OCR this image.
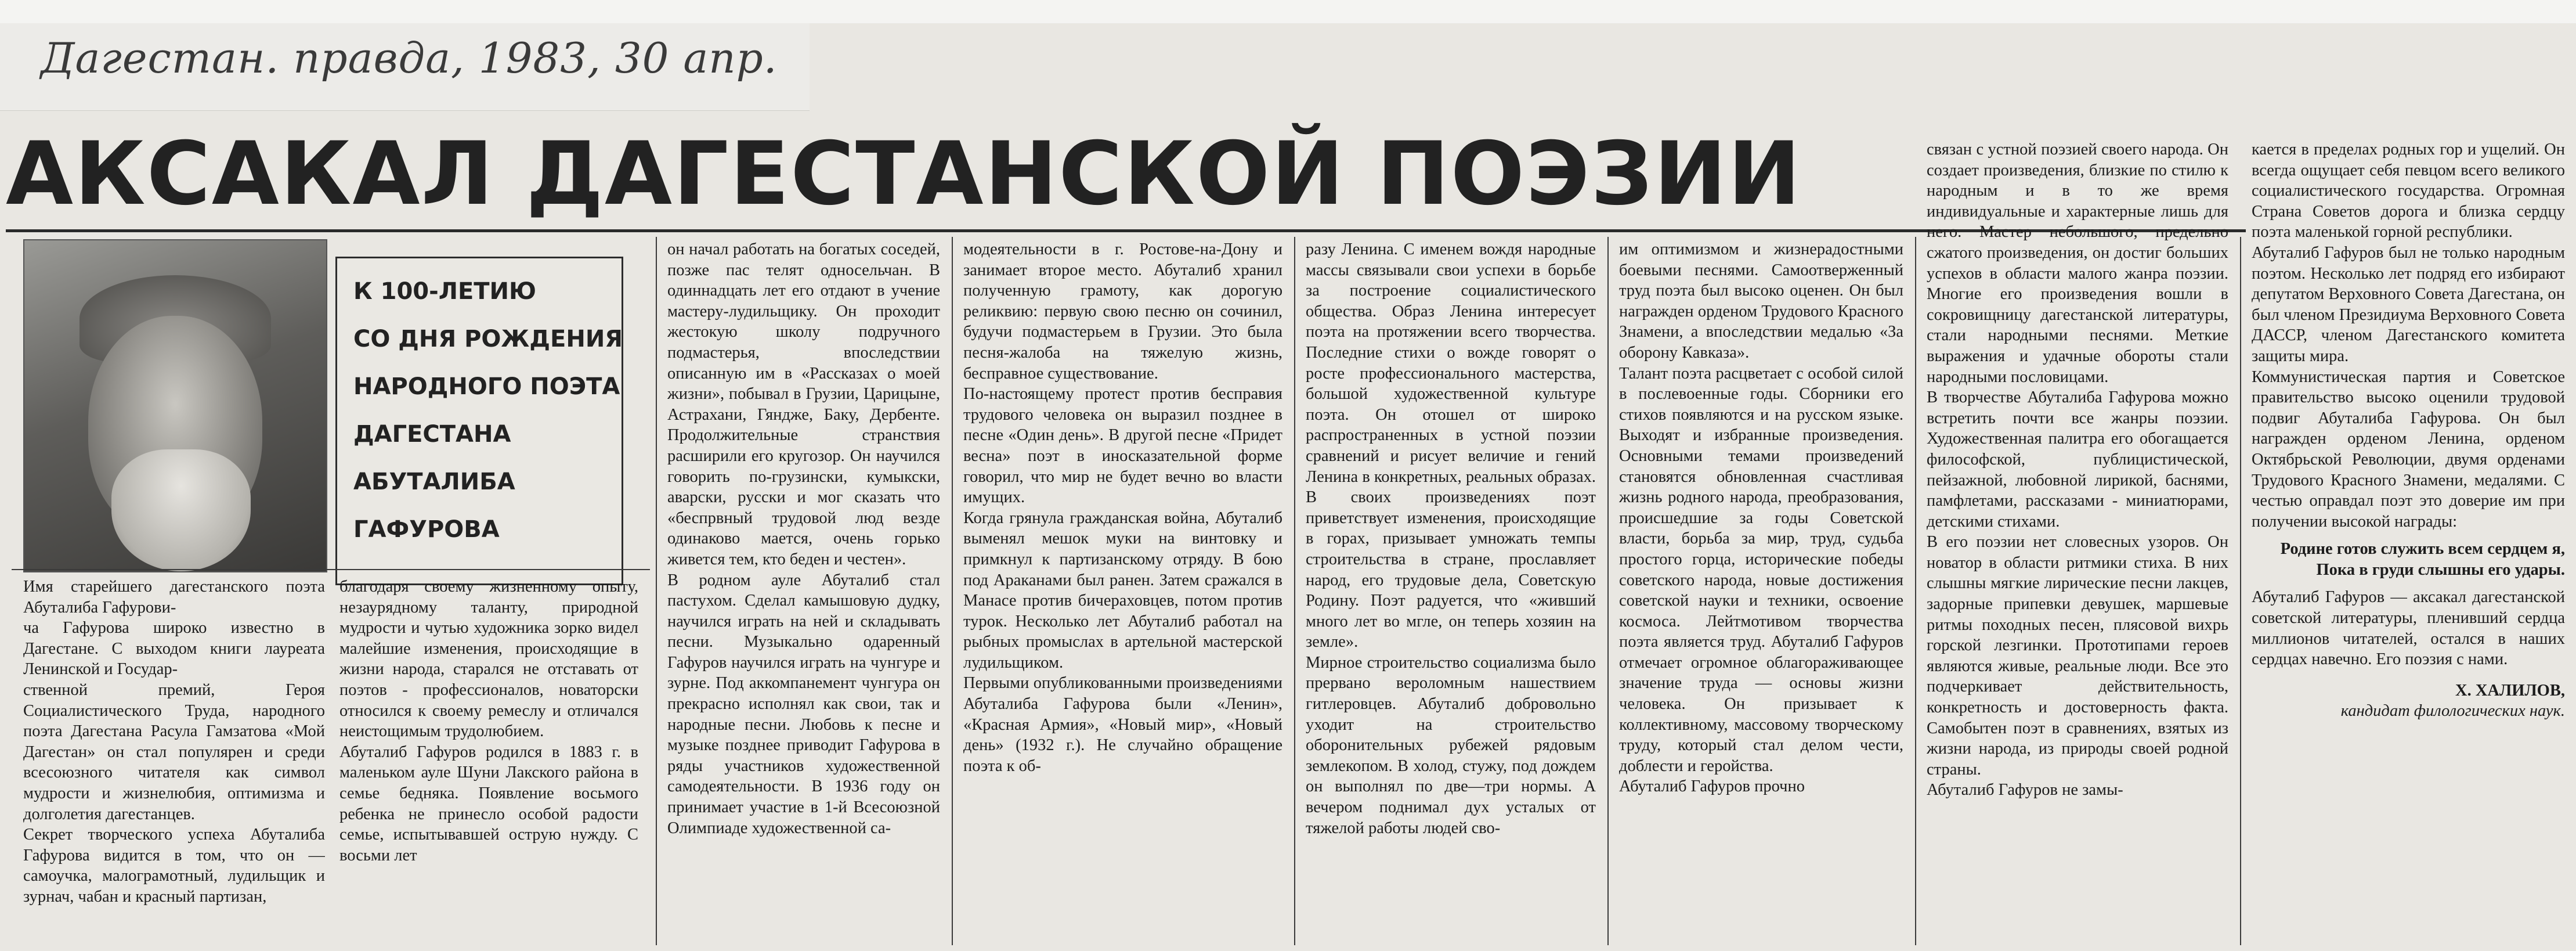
Дагестан. правда, 1983, 30 апр.

АКСАКАЛ ДАГЕСТАНСКОЙ ПОЭЗИИ

К 100-ЛЕТИЮ

СО ДНЯ РОЖДЕНИЯ

НАРОДНОГО ПОЭТА

ДАГЕСТАНА

АБУТАЛИБА

ГАФУРОВА

Имя старейшего дагестанского поэта Абуталиба Гафурови-
ча Гафурова широко известно в Дагестане. С выходом книги лауреата Ленинской и Государ-
ственной премий, Героя Социалистического Труда, народного поэта Дагестана Расула Гамзатова «Мой Дагестан» он стал популярен и среди всесоюзного читателя как символ мудрости и жизнелюбия, оптимизма и долголетия дагестанцев.
Секрет творческого успеха Абуталиба Гафурова видится в том, что он — самоучка, малограмотный, лудильщик и зурнач, чабан и красный партизан,

благодаря своему жизненному опыту, незаурядному таланту, природной мудрости и чутью художника зорко видел малейшие изменения, происходящие в жизни народа, старался не отставать от поэтов - профессионалов, новаторски относился к своему ремеслу и отличался неистощимым трудолюбием.
Абуталиб Гафуров родился в 1883 г. в маленьком ауле Шуни Лакского района в семье бедняка. Появление восьмого ребенка не принесло особой радости семье, испытывавшей острую нужду. С восьми лет

он начал работать на богатых соседей, позже пас телят односельчан. В одиннадцать лет его отдают в учение мастеру-лудильщику. Он проходит жестокую школу подручного подмастерья, впоследствии описанную им в «Рассказах о моей жизни», побывал в Грузии, Царицыне, Астрахани, Гяндже, Баку, Дербенте. Продолжительные странствия расширили его кругозор. Он научился говорить по-грузински, кумыкски, аварски, русски и мог сказать что «беспрвный трудовой люд везде одинаково мается, очень горько живется тем, кто беден и честен».
В родном ауле Абуталиб стал пастухом. Сделал камышовую дудку, научился играть на ней и складывать песни. Музыкально одаренный Гафуров научился играть на чунгуре и зурне. Под аккомпанемент чунгура он прекрасно исполнял как свои, так и народные песни. Любовь к песне и музыке позднее приводит Гафурова в ряды участников художественной самодеятельности. В 1936 году он принимает участие в 1-й Всесоюзной Олимпиаде художественной са-

модеятельности в г. Ростове-на-Дону и занимает второе место. Абуталиб хранил полученную грамоту, как дорогую реликвию: первую свою песню он сочинил, будучи подмастерьем в Грузии. Это была песня-жалоба на тяжелую жизнь, бесправное существование.
По-настоящему протест против бесправия трудового человека он выразил позднее в песне «Один день». В другой песне «Придет весна» поэт в иносказательной форме говорил, что мир не будет вечно во власти имущих.
Когда грянула гражданская война, Абуталиб выменял мешок муки на винтовку и примкнул к партизанскому отряду. В бою под Араканами был ранен. Затем сражался в Манасе против бичераховцев, потом против турок. Несколько лет Абуталиб работал на рыбных промыслах в артельной мастерской лудильщиком.
Первыми опубликованными произведениями Абуталиба Гафурова были «Ленин», «Красная Армия», «Новый мир», «Новый день» (1932 г.). Не случайно обращение поэта к об-

разу Ленина. С именем вождя народные массы связывали свои успехи в борьбе за построение социалистического общества. Образ Ленина интересует поэта на протяжении всего творчества. Последние стихи о вожде говорят о росте профессионального мастерства, большой художественной культуре поэта. Он отошел от широко распространенных в устной поэзии сравнений и рисует величие и гений Ленина в конкретных, реальных образах.
В своих произведениях поэт приветствует изменения, происходящие в горах, призывает умножать темпы строительства в стране, прославляет народ, его трудовые дела, Советскую Родину. Поэт радуется, что «живший много лет во мгле, он теперь хозяин на земле».
Мирное строительство социализма было прервано вероломным нашествием гитлеровцев. Абуталиб добровольно уходит на строительство оборонительных рубежей рядовым землекопом. В холод, стужу, под дождем он выполнял по две—три нормы. А вечером поднимал дух усталых от тяжелой работы людей сво-

им оптимизмом и жизнерадостными боевыми песнями. Самоотверженный труд поэта был высоко оценен. Он был награжден орденом Трудового Красного Знамени, а впоследствии медалью «За оборону Кавказа».
Талант поэта расцветает с особой силой в послевоенные годы. Сборники его стихов появляются и на русском языке. Выходят и избранные произведения. Основными темами произведений становятся обновленная счастливая жизнь родного народа, преобразования, происшедшие за годы Советской власти, борьба за мир, труд, судьба простого горца, исторические победы советского народа, новые достижения советской науки и техники, освоение космоса. Лейтмотивом творчества поэта является труд. Абуталиб Гафуров отмечает огромное облагораживающее значение труда — основы жизни человека. Он призывает к коллективному, массовому творческому труду, который стал делом чести, доблести и геройства.
Абуталиб Гафуров прочно

связан с устной поэзией своего народа. Он создает произведения, близкие по стилю к народным и в то же время индивидуальные и характерные лишь для него. Мастер небольшого, предельно сжатого произведения, он достиг больших успехов в области малого жанра поэзии. Многие его произведения вошли в сокровищницу дагестанской литературы, стали народными песнями. Меткие выражения и удачные обороты стали народными пословицами.
В творчестве Абуталиба Гафурова можно встретить почти все жанры поэзии. Художественная палитра его обогащается философской, публицистической, пейзажной, любовной лирикой, баснями, памфлетами, рассказами - миниатюрами, детскими стихами.
В его поэзии нет словесных узоров. Он новатор в области ритмики стиха. В них слышны мягкие лирические песни лакцев, задорные припевки девушек, маршевые ритмы походных песен, плясовой вихрь горской лезгинки. Прототипами героев являются живые, реальные люди. Все это подчеркивает действительность, конкретность и достоверность факта. Самобытен поэт в сравнениях, взятых из жизни народа, из природы своей родной страны.
Абуталиб Гафуров не замы-

кается в пределах родных гор и ущелий. Он всегда ощущает себя певцом всего великого социалистического государства. Огромная Страна Советов дорога и близка сердцу поэта маленькой горной республики.
Абуталиб Гафуров был не только народным поэтом. Несколько лет подряд его избирают депутатом Верховного Совета Дагестана, он был членом Президиума Верховного Совета ДАССР, членом Дагестанского комитета защиты мира.
Коммунистическая партия и Советское правительство высоко оценили трудовой подвиг Абуталиба Гафурова. Он был награжден орденом Ленина, орденом Октябрьской Революции, двумя орденами Трудового Красного Знамени, медалями. С честью оправдал поэт это доверие им при получении высокой награды:

Родине готов служить всем сердцем я,

Пока в груди слышны его удары.

Абуталиб Гафуров — аксакал дагестанской советской литературы, пленивший сердца миллионов читателей, остался в наших сердцах навечно. Его поэзия с нами.

Х. ХАЛИЛОВ,

кандидат филологических наук.
